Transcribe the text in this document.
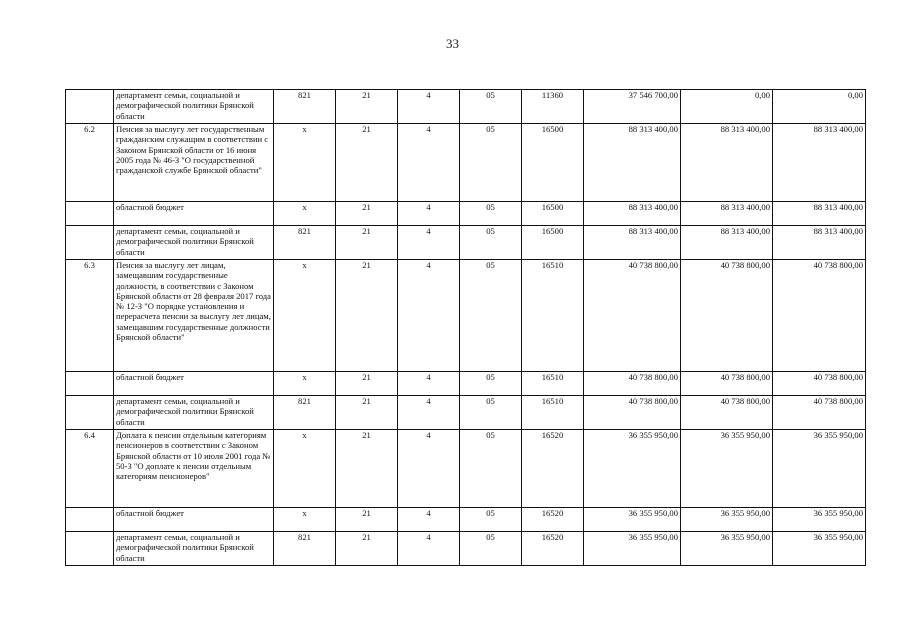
33
	департамент семьи, социальной и демографической политики Брянской области	821	21	4	05	11360	37 546 700,00	0,00	0,00
6.2	Пенсия за выслугу лет государственным гражданским служащим в соответствии с Законом Брянской области от 16 июня 2005 года № 46-З "О государственной гражданской службе Брянской области"	х	21	4	05	16500	88 313 400,00	88 313 400,00	88 313 400,00
	областной бюджет	х	21	4	05	16500	88 313 400,00	88 313 400,00	88 313 400,00
	департамент семьи, социальной и демографической политики Брянской области	821	21	4	05	16500	88 313 400,00	88 313 400,00	88 313 400,00
6.3	Пенсия за выслугу лет лицам, замещавшим государственные должности, в соответствии с Законом Брянской области от 28 февраля 2017 года № 12-З "О порядке установления и перерасчета пенсии за выслугу лет лицам, замещавшим государственные должности Брянской области"	х	21	4	05	16510	40 738 800,00	40 738 800,00	40 738 800,00
	областной бюджет	х	21	4	05	16510	40 738 800,00	40 738 800,00	40 738 800,00
	департамент семьи, социальной и демографической политики Брянской области	821	21	4	05	16510	40 738 800,00	40 738 800,00	40 738 800,00
6.4	Доплата к пенсии отдельным категориям пенсионеров в соответствии с Законом Брянской области от 10 июля 2001 года № 50-З "О доплате к пенсии отдельным категориям пенсионеров"	х	21	4	05	16520	36 355 950,00	36 355 950,00	36 355 950,00
	областной бюджет	х	21	4	05	16520	36 355 950,00	36 355 950,00	36 355 950,00
	департамент семьи, социальной и демографической политики Брянской области	821	21	4	05	16520	36 355 950,00	36 355 950,00	36 355 950,00
